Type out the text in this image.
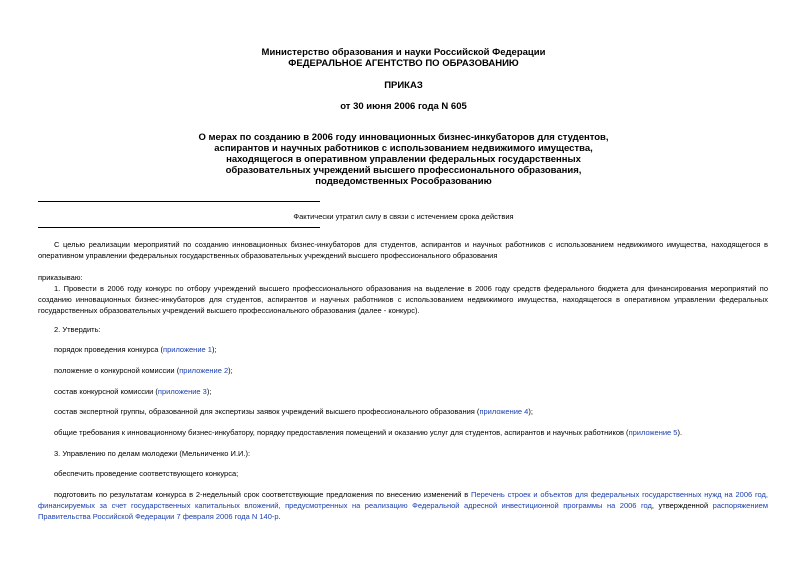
Министерство образования и науки Российской Федерации
ФЕДЕРАЛЬНОЕ АГЕНТСТВО ПО ОБРАЗОВАНИЮ
ПРИКАЗ
от 30 июня 2006 года N 605
О мерах по созданию в 2006 году инновационных бизнес-инкубаторов для студентов,
аспирантов и научных работников с использованием недвижимого имущества,
находящегося в оперативном управлении федеральных государственных
образовательных учреждений высшего профессионального образования,
подведомственных Рособразованию
Фактически утратил силу в связи с истечением срока действия
С целью реализации мероприятий по созданию инновационных бизнес-инкубаторов для студентов, аспирантов и научных работников с использованием недвижимого имущества, находящегося в оперативном управлении федеральных государственных образовательных учреждений высшего профессионального образования
приказываю:
1. Провести в 2006 году конкурс по отбору учреждений высшего профессионального образования на выделение в 2006 году средств федерального бюджета для финансирования мероприятий по созданию инновационных бизнес-инкубаторов для студентов, аспирантов и научных работников с использованием недвижимого имущества, находящегося в оперативном управлении федеральных государственных образовательных учреждений высшего профессионального образования (далее - конкурс).
2. Утвердить:
порядок проведения конкурса (приложение 1);
положение о конкурсной комиссии (приложение 2);
состав конкурсной комиссии (приложение 3);
состав экспертной группы, образованной для экспертизы заявок учреждений высшего профессионального образования (приложение 4);
общие требования к инновационному бизнес-инкубатору, порядку предоставления помещений и оказанию услуг для студентов, аспирантов и научных работников (приложение 5).
3. Управлению по делам молодежи (Мельниченко И.И.):
обеспечить проведение соответствующего конкурса;
подготовить по результатам конкурса в 2-недельный срок соответствующие предложения по внесению изменений в Перечень строек и объектов для федеральных государственных нужд на 2006 год, финансируемых за счет государственных капитальных вложений, предусмотренных на реализацию Федеральной адресной инвестиционной программы на 2006 год, утвержденной распоряжением Правительства Российской Федерации 7 февраля 2006 года N 140-р.
